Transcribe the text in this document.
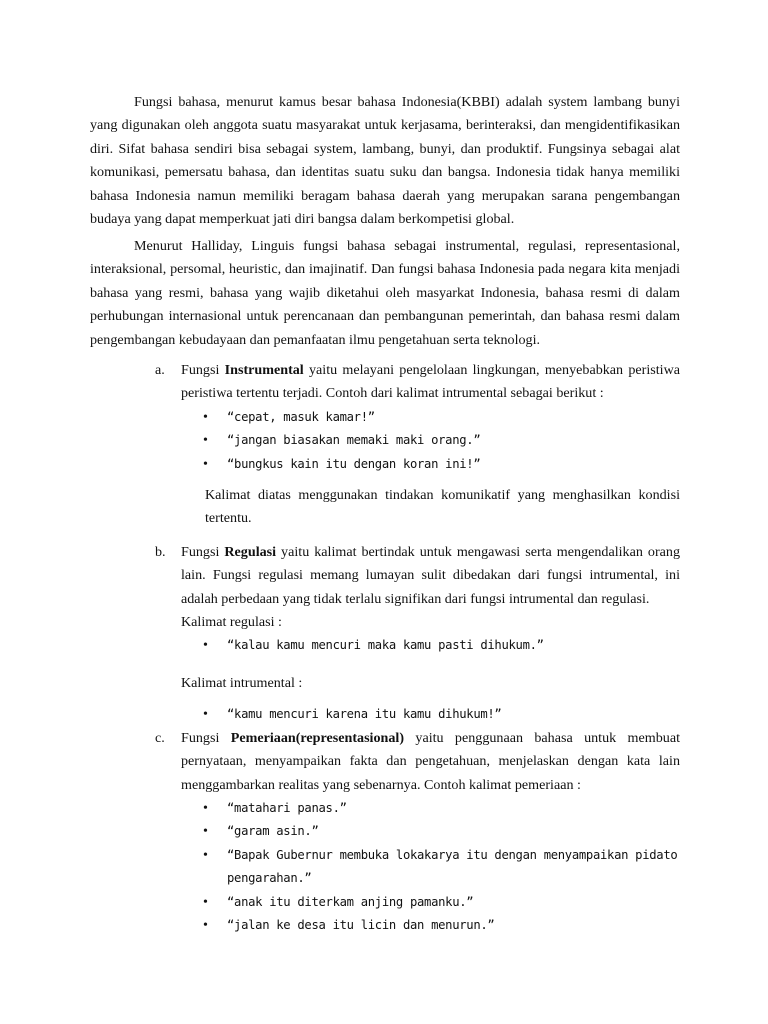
Fungsi bahasa, menurut kamus besar bahasa Indonesia(KBBI) adalah system lambang bunyi yang digunakan oleh anggota suatu masyarakat untuk kerjasama, berinteraksi, dan mengidentifikasikan diri. Sifat bahasa sendiri bisa sebagai system, lambang, bunyi, dan produktif. Fungsinya sebagai alat komunikasi, pemersatu bahasa, dan identitas suatu suku dan bangsa. Indonesia tidak hanya memiliki bahasa Indonesia namun memiliki beragam bahasa daerah yang merupakan sarana pengembangan budaya yang dapat memperkuat jati diri bangsa dalam berkompetisi global.

Menurut Halliday, Linguis fungsi bahasa sebagai instrumental, regulasi, representasional, interaksional, persomal, heuristic, dan imajinatif. Dan fungsi bahasa Indonesia pada negara kita menjadi bahasa yang resmi, bahasa yang wajib diketahui oleh masyarkat Indonesia, bahasa resmi di dalam perhubungan internasional untuk perencanaan dan pembangunan pemerintah, dan bahasa resmi dalam pengembangan kebudayaan dan pemanfaatan ilmu pengetahuan serta teknologi.

a.	Fungsi Instrumental yaitu melayani pengelolaan lingkungan, menyebabkan peristiwa peristiwa tertentu terjadi. Contoh dari kalimat intrumental sebagai berikut :

•	“cepat, masuk kamar!”
•	“jangan biasakan memaki maki orang.”
•	“bungkus kain itu dengan koran ini!”

Kalimat diatas menggunakan tindakan komunikatif yang menghasilkan kondisi tertentu.

b.	Fungsi Regulasi yaitu kalimat bertindak untuk mengawasi serta mengendalikan orang lain. Fungsi regulasi memang lumayan sulit dibedakan dari fungsi intrumental, ini adalah perbedaan yang tidak terlalu signifikan dari fungsi intrumental dan regulasi.

Kalimat regulasi :

•	“kalau kamu mencuri maka kamu pasti dihukum.”

Kalimat intrumental :

•	“kamu mencuri karena itu kamu dihukum!”
c.	Fungsi Pemeriaan(representasional) yaitu penggunaan bahasa untuk membuat pernyataan, menyampaikan fakta dan pengetahuan, menjelaskan dengan kata lain menggambarkan realitas yang sebenarnya. Contoh kalimat pemeriaan :

•	“matahari panas.”
•	“garam asin.”
•	“Bapak Gubernur membuka lokakarya itu dengan menyampaikan pidato pengarahan.”
•	“anak itu diterkam anjing pamanku.”
•	“jalan ke desa itu licin dan menurun.”
